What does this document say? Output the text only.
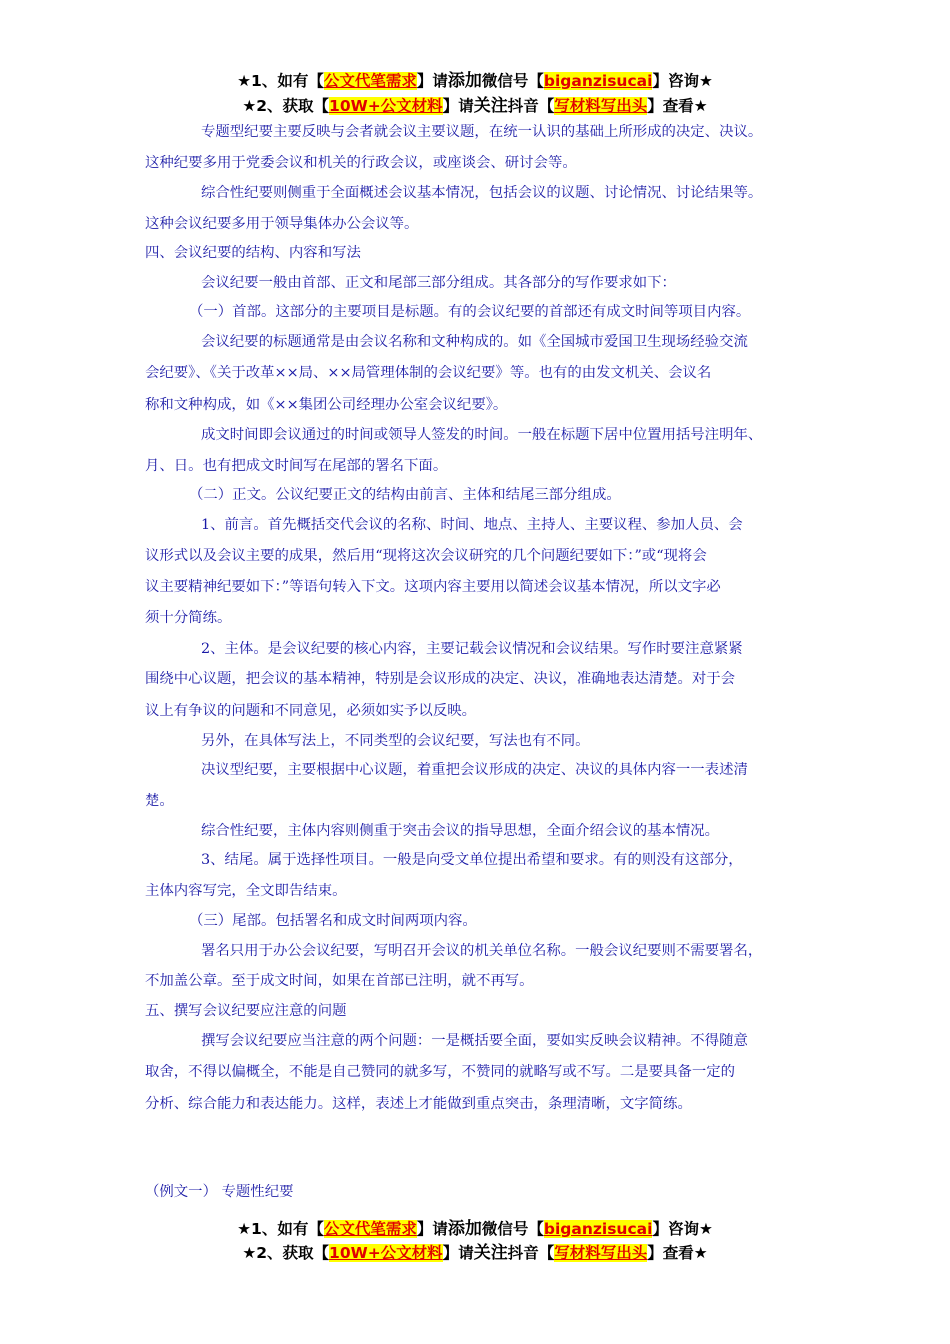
★1、如有【公文代笔需求】请添加微信号【biganzisucai】咨询★
★2、获取【10W+公文材料】请关注抖音【写材料写出头】查看★
专题型纪要主要反映与会者就会议主要议题，在统一认识的基础上所形成的决定、决议。
这种纪要多用于党委会议和机关的行政会议，或座谈会、研讨会等。
综合性纪要则侧重于全面概述会议基本情况，包括会议的议题、讨论情况、讨论结果等。
这种会议纪要多用于领导集体办公会议等。
四、会议纪要的结构、内容和写法
会议纪要一般由首部、正文和尾部三部分组成。其各部分的写作要求如下：
（一）首部。这部分的主要项目是标题。有的会议纪要的首部还有成文时间等项目内容。
会议纪要的标题通常是由会议名称和文种构成的。如《全国城市爱国卫生现场经验交流
会纪要》、《关于改革××局、××局管理体制的会议纪要》等。也有的由发文机关、会议名
称和文种构成，如《××集团公司经理办公室会议纪要》。
成文时间即会议通过的时间或领导人签发的时间。一般在标题下居中位置用括号注明年、
月、日。也有把成文时间写在尾部的署名下面。
（二）正文。公议纪要正文的结构由前言、主体和结尾三部分组成。
1、前言。首先概括交代会议的名称、时间、地点、主持人、主要议程、参加人员、会
议形式以及会议主要的成果，然后用“现将这次会议研究的几个问题纪要如下：”或“现将会
议主要精神纪要如下：”等语句转入下文。这项内容主要用以简述会议基本情况，所以文字必
须十分简练。
2、主体。是会议纪要的核心内容，主要记载会议情况和会议结果。写作时要注意紧紧
围绕中心议题，把会议的基本精神，特别是会议形成的决定、决议，准确地表达清楚。对于会
议上有争议的问题和不同意见，必须如实予以反映。
另外，在具体写法上，不同类型的会议纪要，写法也有不同。
决议型纪要，主要根据中心议题，着重把会议形成的决定、决议的具体内容一一表述清
楚。
综合性纪要，主体内容则侧重于突击会议的指导思想，全面介绍会议的基本情况。
3、结尾。属于选择性项目。一般是向受文单位提出希望和要求。有的则没有这部分，
主体内容写完，全文即告结束。
（三）尾部。包括署名和成文时间两项内容。
署名只用于办公会议纪要，写明召开会议的机关单位名称。一般会议纪要则不需要署名，
不加盖公章。至于成文时间，如果在首部已注明，就不再写。
五、撰写会议纪要应注意的问题
撰写会议纪要应当注意的两个问题：一是概括要全面，要如实反映会议精神。不得随意
取舍，不得以偏概全，不能是自己赞同的就多写，不赞同的就略写或不写。二是要具备一定的
分析、综合能力和表达能力。这样，表述上才能做到重点突击，条理清晰，文字简练。
（例文一） 专题性纪要
★1、如有【公文代笔需求】请添加微信号【biganzisucai】咨询★
★2、获取【10W+公文材料】请关注抖音【写材料写出头】查看★
